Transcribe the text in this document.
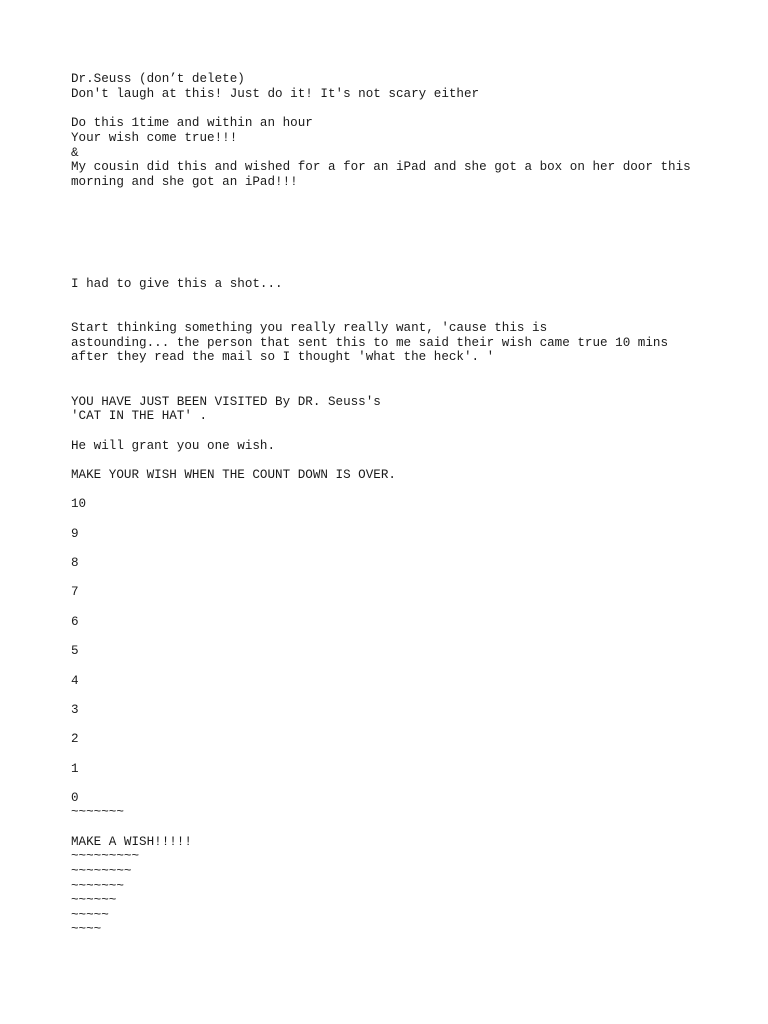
Dr.Seuss (don’t delete)
Don't laugh at this! Just do it! It's not scary either
Do this 1time and within an hour
Your wish come true!!!
&
My cousin did this and wished for a for an iPad and she got a box on her door this
morning and she got an iPad!!!
I had to give this a shot...
Start thinking something you really really want, 'cause this is
astounding... the person that sent this to me said their wish came true 10 mins
after they read the mail so I thought 'what the heck'. '
YOU HAVE JUST BEEN VISITED By DR. Seuss's
'CAT IN THE HAT' .
He will grant you one wish.
MAKE YOUR WISH WHEN THE COUNT DOWN IS OVER.
10
9
8
7
6
5
4
3
2
1
0
~~~~~~~
MAKE A WISH!!!!!
~~~~~~~~~
~~~~~~~~
~~~~~~~
~~~~~~
~~~~~
~~~~
